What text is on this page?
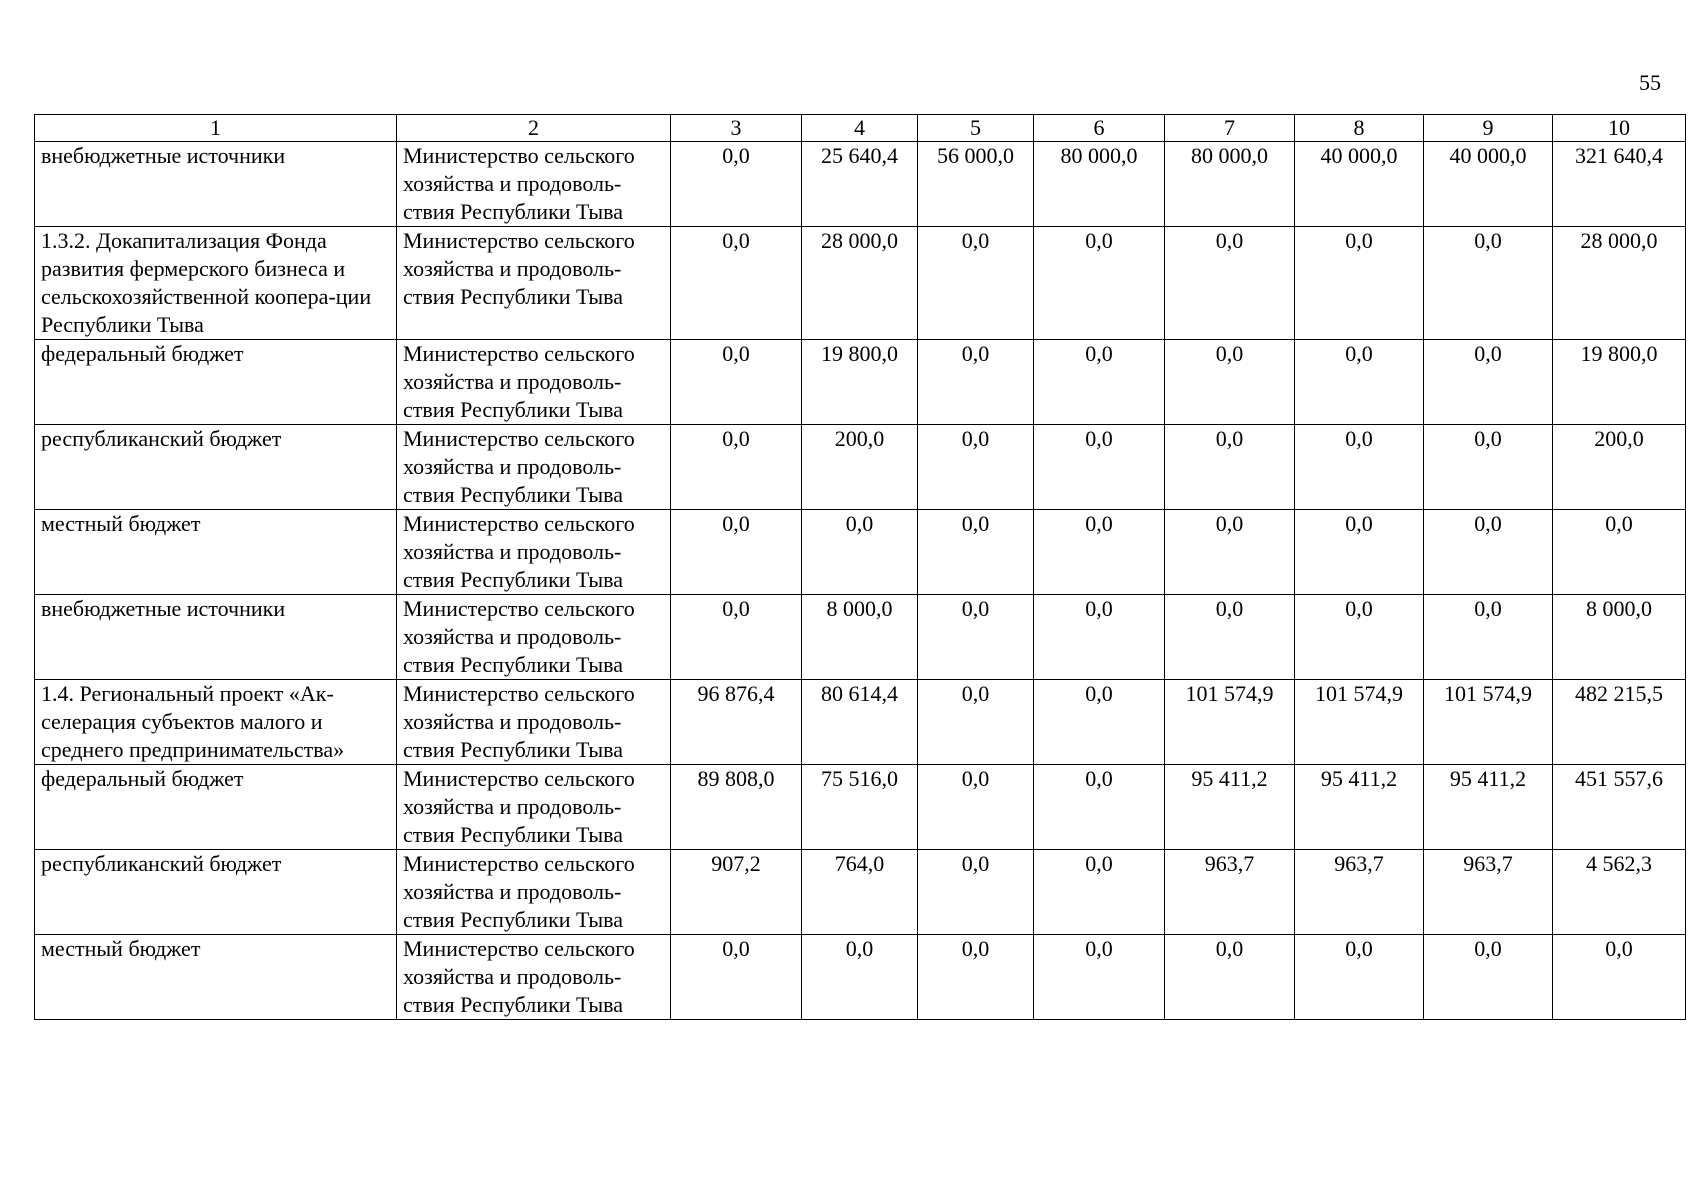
55
1	2	3	4	5	6	7	8	9	10
внебюджетные источники	Министерство сельского хозяйства и продоволь-ствия Республики Тыва	0,0	25 640,4	56 000,0	80 000,0	80 000,0	40 000,0	40 000,0	321 640,4
1.3.2. Докапитализация Фонда развития фермерского бизнеса и сельскохозяйственной коопера-ции Республики Тыва	Министерство сельского хозяйства и продоволь-ствия Республики Тыва	0,0	28 000,0	0,0	0,0	0,0	0,0	0,0	28 000,0
федеральный бюджет	Министерство сельского хозяйства и продоволь-ствия Республики Тыва	0,0	19 800,0	0,0	0,0	0,0	0,0	0,0	19 800,0
республиканский бюджет	Министерство сельского хозяйства и продоволь-ствия Республики Тыва	0,0	200,0	0,0	0,0	0,0	0,0	0,0	200,0
местный бюджет	Министерство сельского хозяйства и продоволь-ствия Республики Тыва	0,0	0,0	0,0	0,0	0,0	0,0	0,0	0,0
внебюджетные источники	Министерство сельского хозяйства и продоволь-ствия Республики Тыва	0,0	8 000,0	0,0	0,0	0,0	0,0	0,0	8 000,0
1.4. Региональный проект «Ак-селерация субъектов малого и среднего предпринимательства»	Министерство сельского хозяйства и продоволь-ствия Республики Тыва	96 876,4	80 614,4	0,0	0,0	101 574,9	101 574,9	101 574,9	482 215,5
федеральный бюджет	Министерство сельского хозяйства и продоволь-ствия Республики Тыва	89 808,0	75 516,0	0,0	0,0	95 411,2	95 411,2	95 411,2	451 557,6
республиканский бюджет	Министерство сельского хозяйства и продоволь-ствия Республики Тыва	907,2	764,0	0,0	0,0	963,7	963,7	963,7	4 562,3
местный бюджет	Министерство сельского хозяйства и продоволь-ствия Республики Тыва	0,0	0,0	0,0	0,0	0,0	0,0	0,0	0,0
